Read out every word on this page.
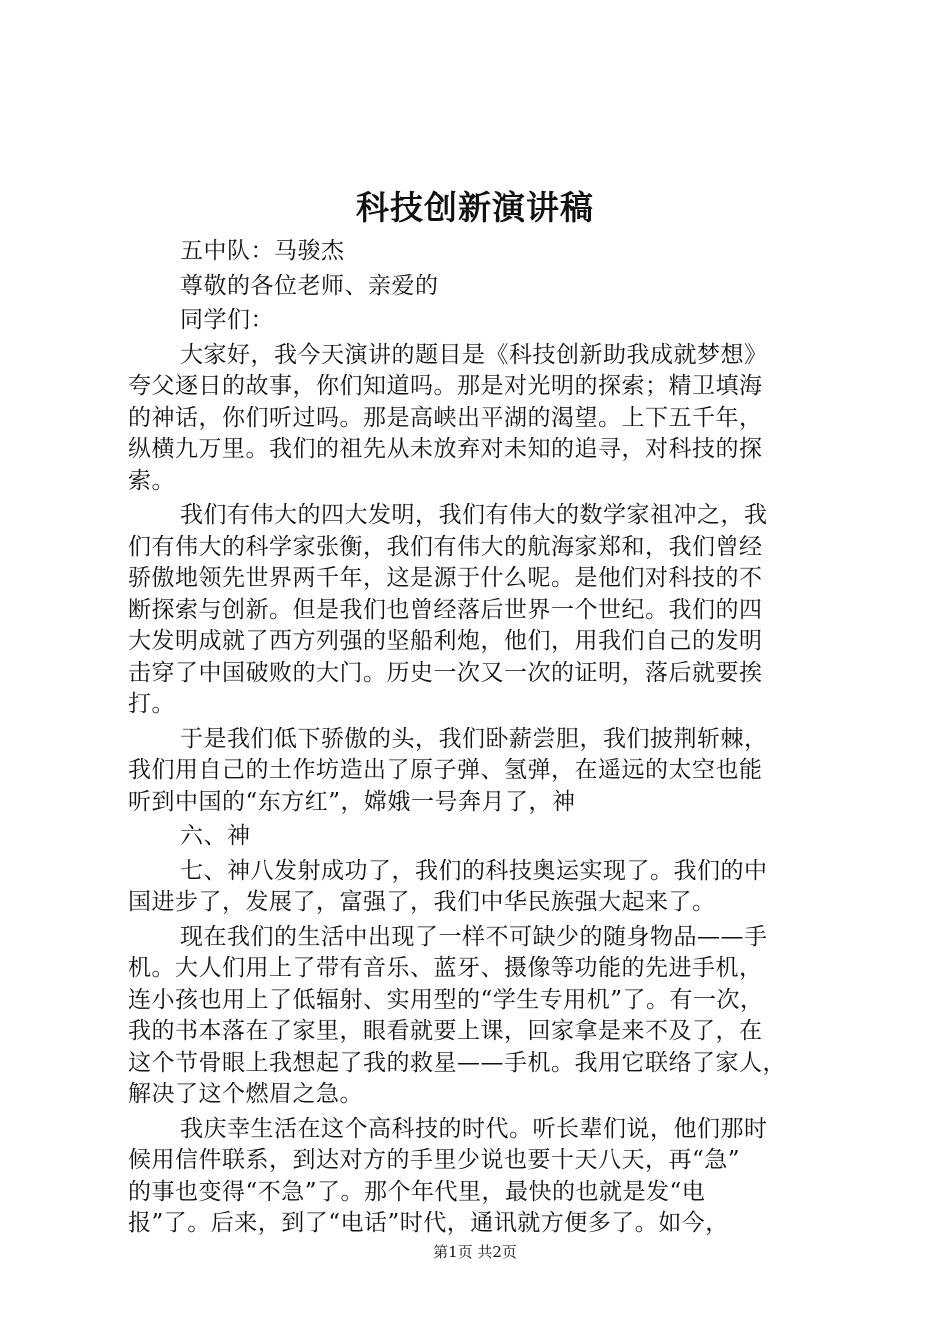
科技创新演讲稿
五中队：马骏杰
尊敬的各位老师、亲爱的
同学们：
大家好，我今天演讲的题目是《科技创新助我成就梦想》
夸父逐日的故事，你们知道吗。那是对光明的探索；精卫填海
的神话，你们听过吗。那是高峡出平湖的渴望。上下五千年，
纵横九万里。我们的祖先从未放弃对未知的追寻，对科技的探
索。
我们有伟大的四大发明，我们有伟大的数学家祖冲之，我
们有伟大的科学家张衡，我们有伟大的航海家郑和，我们曾经
骄傲地领先世界两千年，这是源于什么呢。是他们对科技的不
断探索与创新。但是我们也曾经落后世界一个世纪。我们的四
大发明成就了西方列强的坚船利炮，他们，用我们自己的发明
击穿了中国破败的大门。历史一次又一次的证明，落后就要挨
打。
于是我们低下骄傲的头，我们卧薪尝胆，我们披荆斩棘，
我们用自己的土作坊造出了原子弹、氢弹，在遥远的太空也能
听到中国的“东方红”，嫦娥一号奔月了，神
六、神
七、神八发射成功了，我们的科技奥运实现了。我们的中
国进步了，发展了，富强了，我们中华民族强大起来了。
现在我们的生活中出现了一样不可缺少的随身物品——手
机。大人们用上了带有音乐、蓝牙、摄像等功能的先进手机，
连小孩也用上了低辐射、实用型的“学生专用机”了。有一次，
我的书本落在了家里，眼看就要上课，回家拿是来不及了，在
这个节骨眼上我想起了我的救星——手机。我用它联络了家人，
解决了这个燃眉之急。
我庆幸生活在这个高科技的时代。听长辈们说，他们那时
候用信件联系，到达对方的手里少说也要十天八天，再“急”
的事也变得“不急”了。那个年代里，最快的也就是发“电
报”了。后来，到了“电话”时代，通讯就方便多了。如今，
第1页 共2页
